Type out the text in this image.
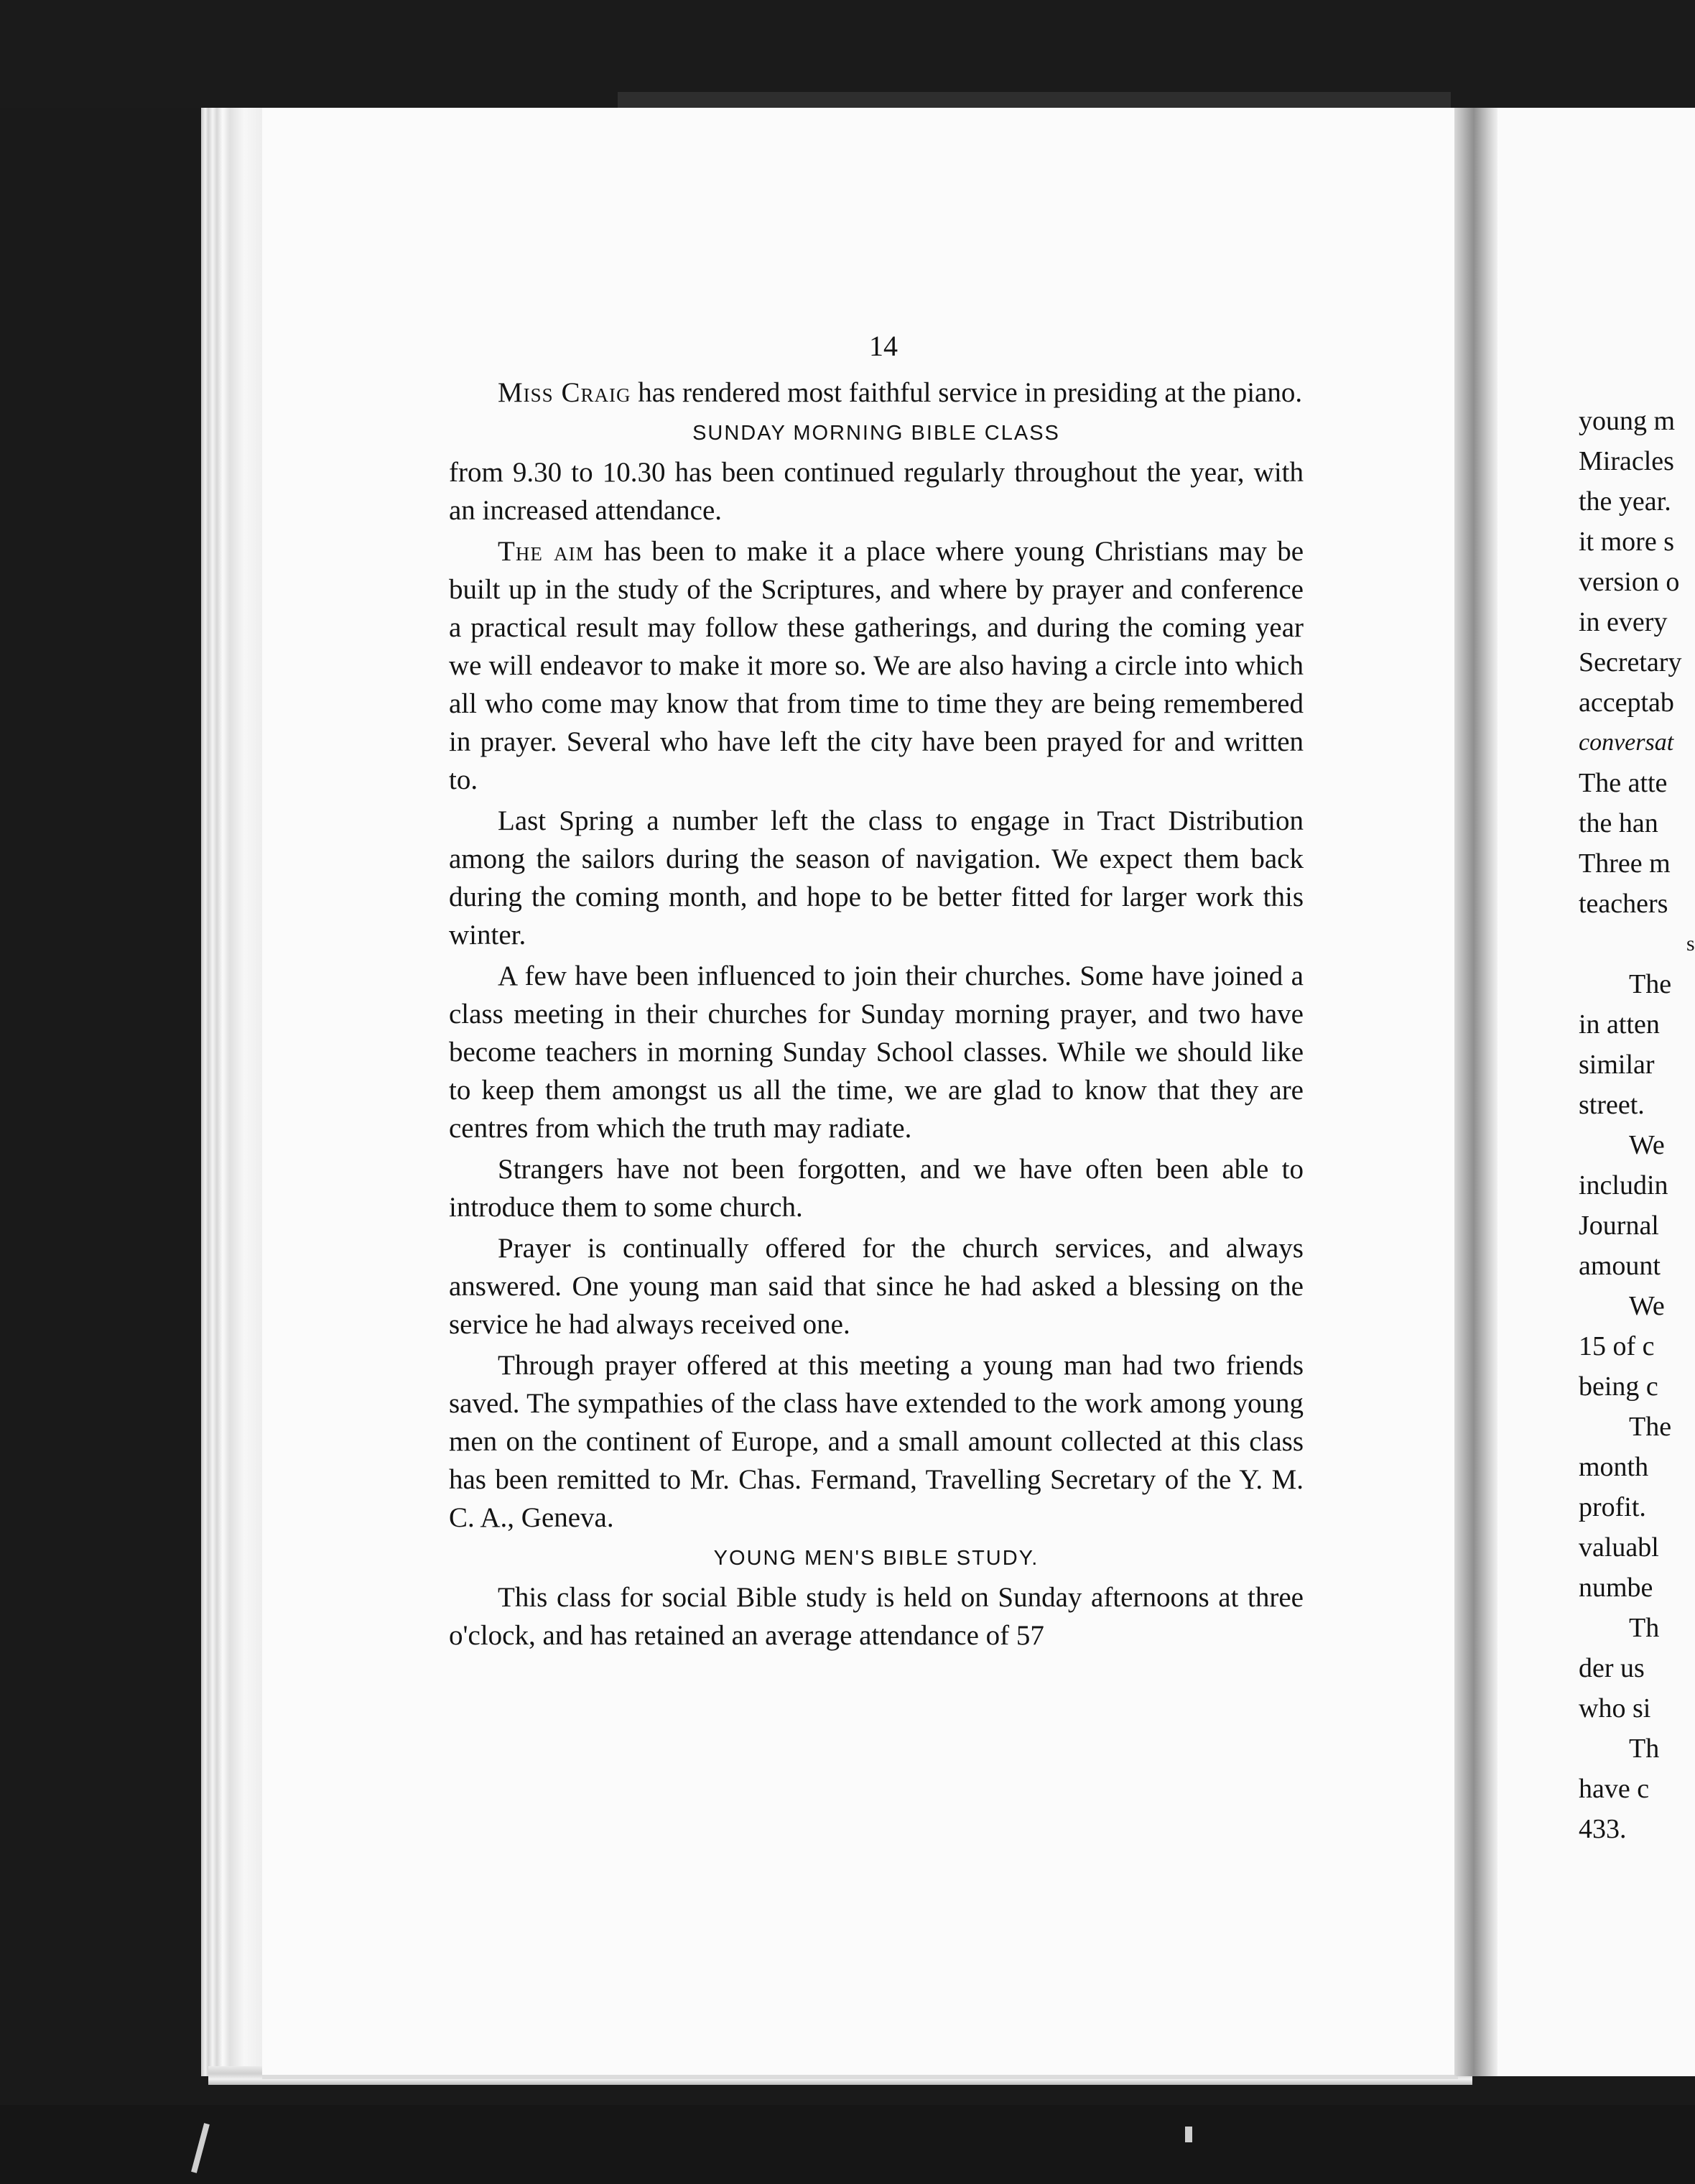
14

Miss Craig has rendered most faithful service in presiding at the piano.

SUNDAY MORNING BIBLE CLASS

from 9.30 to 10.30 has been continued regularly throughout the year, with an increased attendance.

The aim has been to make it a place where young Christians may be built up in the study of the Scriptures, and where by prayer and conference a practical result may follow these gatherings, and during the coming year we will endeavor to make it more so. We are also having a circle into which all who come may know that from time to time they are being remembered in prayer. Several who have left the city have been prayed for and written to.

Last Spring a number left the class to engage in Tract Distribution among the sailors during the season of navigation. We expect them back during the coming month, and hope to be better fitted for larger work this winter.

A few have been influenced to join their churches. Some have joined a class meeting in their churches for Sunday morning prayer, and two have become teachers in morning Sunday School classes. While we should like to keep them amongst us all the time, we are glad to know that they are centres from which the truth may radiate.

Strangers have not been forgotten, and we have often been able to introduce them to some church.

Prayer is continually offered for the church services, and always answered. One young man said that since he had asked a blessing on the service he had always received one.

Through prayer offered at this meeting a young man had two friends saved. The sympathies of the class have extended to the work among young men on the continent of Europe, and a small amount collected at this class has been remitted to Mr. Chas. Fermand, Travelling Secretary of the Y. M. C. A., Geneva.

YOUNG MEN'S BIBLE STUDY.

This class for social Bible study is held on Sunday afternoons at three o'clock, and has retained an average attendance of 57

young m
Miracles
the year.
it more s
version o
in every
Secretary
acceptab
conversat
The atte
the han
Three m
teachers
s
The
in atten
similar
street.
We
includin
Journal
amount
We
15 of c
being c
The
month
profit.
valuabl
numbe
Th
der us
who si
Th
have c
433.
